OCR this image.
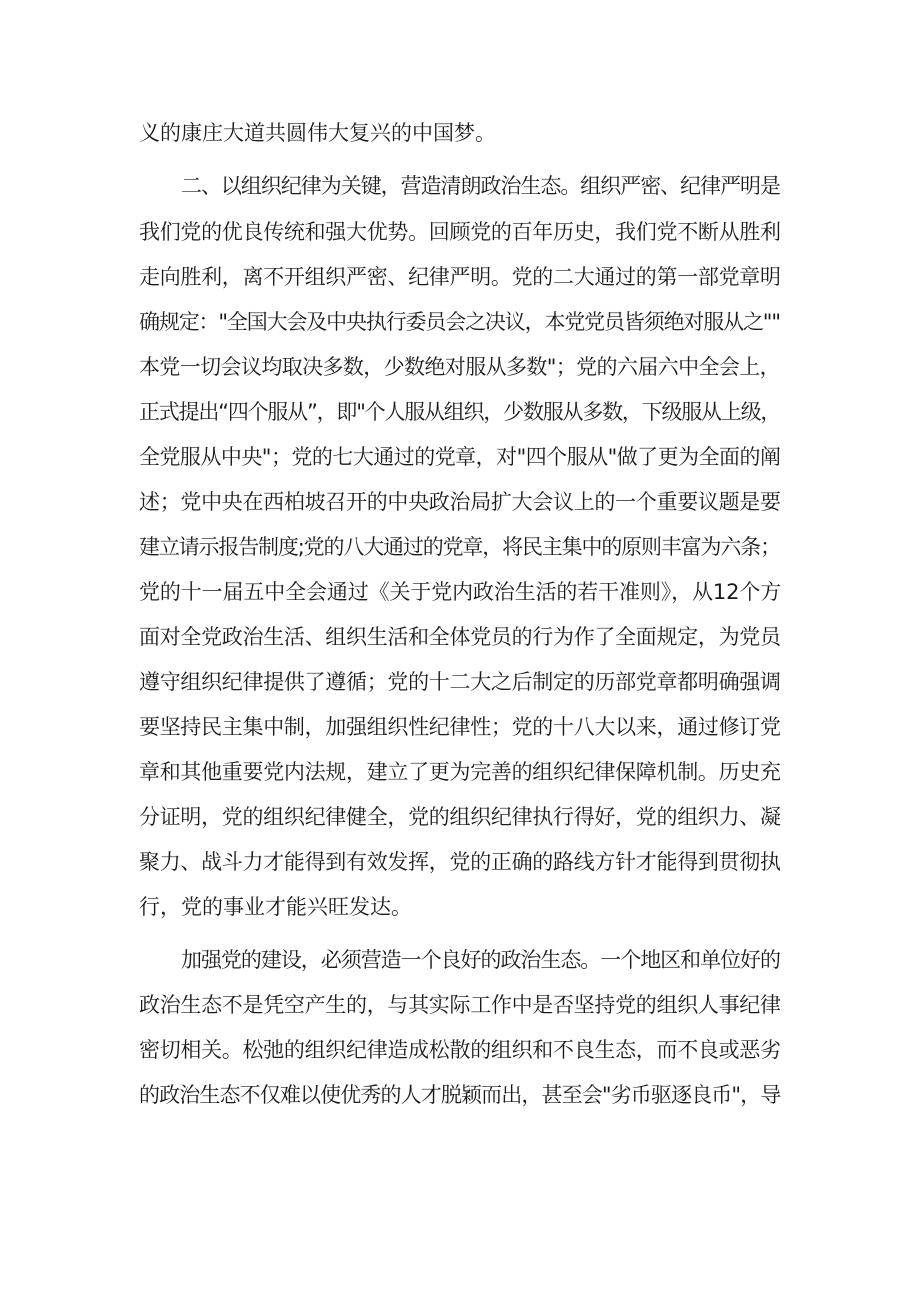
义的康庄大道共圆伟大复兴的中国梦。
二、以组织纪律为关键，营造清朗政治生态。组织严密、纪律严明是
我们党的优良传统和强大优势。回顾党的百年历史，我们党不断从胜利
走向胜利，离不开组织严密、纪律严明。党的二大通过的第一部党章明
确规定："全国大会及中央执行委员会之决议，本党党员皆须绝对服从之""
本党一切会议均取决多数，少数绝对服从多数"；党的六届六中全会上，
正式提出“四个服从”，即"个人服从组织，少数服从多数，下级服从上级，
全党服从中央"；党的七大通过的党章，对"四个服从"做了更为全面的阐
述；党中央在西柏坡召开的中央政治局扩大会议上的一个重要议题是要
建立请示报告制度;党的八大通过的党章，将民主集中的原则丰富为六条；
党的十一届五中全会通过《关于党内政治生活的若干准则》，从12个方
面对全党政治生活、组织生活和全体党员的行为作了全面规定，为党员
遵守组织纪律提供了遵循；党的十二大之后制定的历部党章都明确强调
要坚持民主集中制，加强组织性纪律性；党的十八大以来，通过修订党
章和其他重要党内法规，建立了更为完善的组织纪律保障机制。历史充
分证明，党的组织纪律健全，党的组织纪律执行得好，党的组织力、凝
聚力、战斗力才能得到有效发挥，党的正确的路线方针才能得到贯彻执
行，党的事业才能兴旺发达。
加强党的建设，必须营造一个良好的政治生态。一个地区和单位好的
政治生态不是凭空产生的，与其实际工作中是否坚持党的组织人事纪律
密切相关。松弛的组织纪律造成松散的组织和不良生态，而不良或恶劣
的政治生态不仅难以使优秀的人才脱颖而出，甚至会"劣币驱逐良币"，导
